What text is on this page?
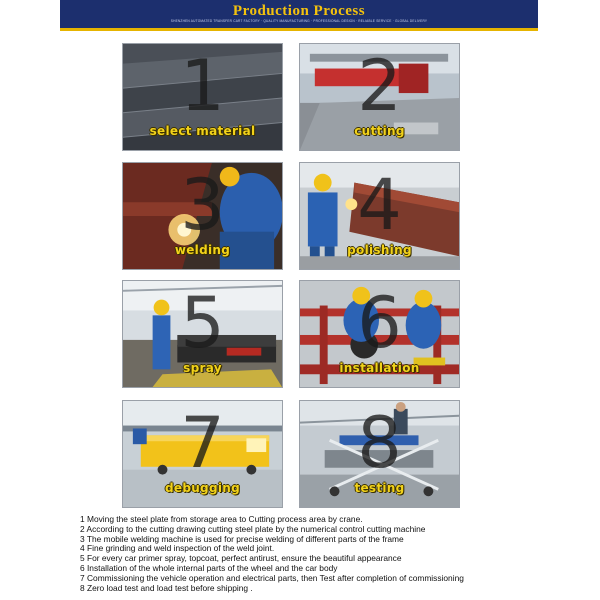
Production Process
SHENZHEN AUTOMATED TRANSFER CART FACTORY · QUALITY MANUFACTURING · PROFESSIONAL DESIGN · RELIABLE SERVICE · GLOBAL DELIVERY
1
select material
2
cutting
3
welding
4
polishing
5
spray
6
installation
7
debugging
8
testing
1 Moving the steel plate from storage area to Cutting process area by crane.
2 According to the cutting drawing cutting steel plate by the numerical control cutting machine
3 The mobile welding machine is used for precise welding of different parts of the frame
4 Fine grinding and weld inspection of the weld joint.
5 For every car primer spray, topcoat, perfect antirust, ensure the beautiful appearance
6 Installation of the whole internal parts of the wheel and the car body
7 Commissioning the vehicle operation and electrical parts, then Test after completion of commissioning
8 Zero load test and load test before shipping .
